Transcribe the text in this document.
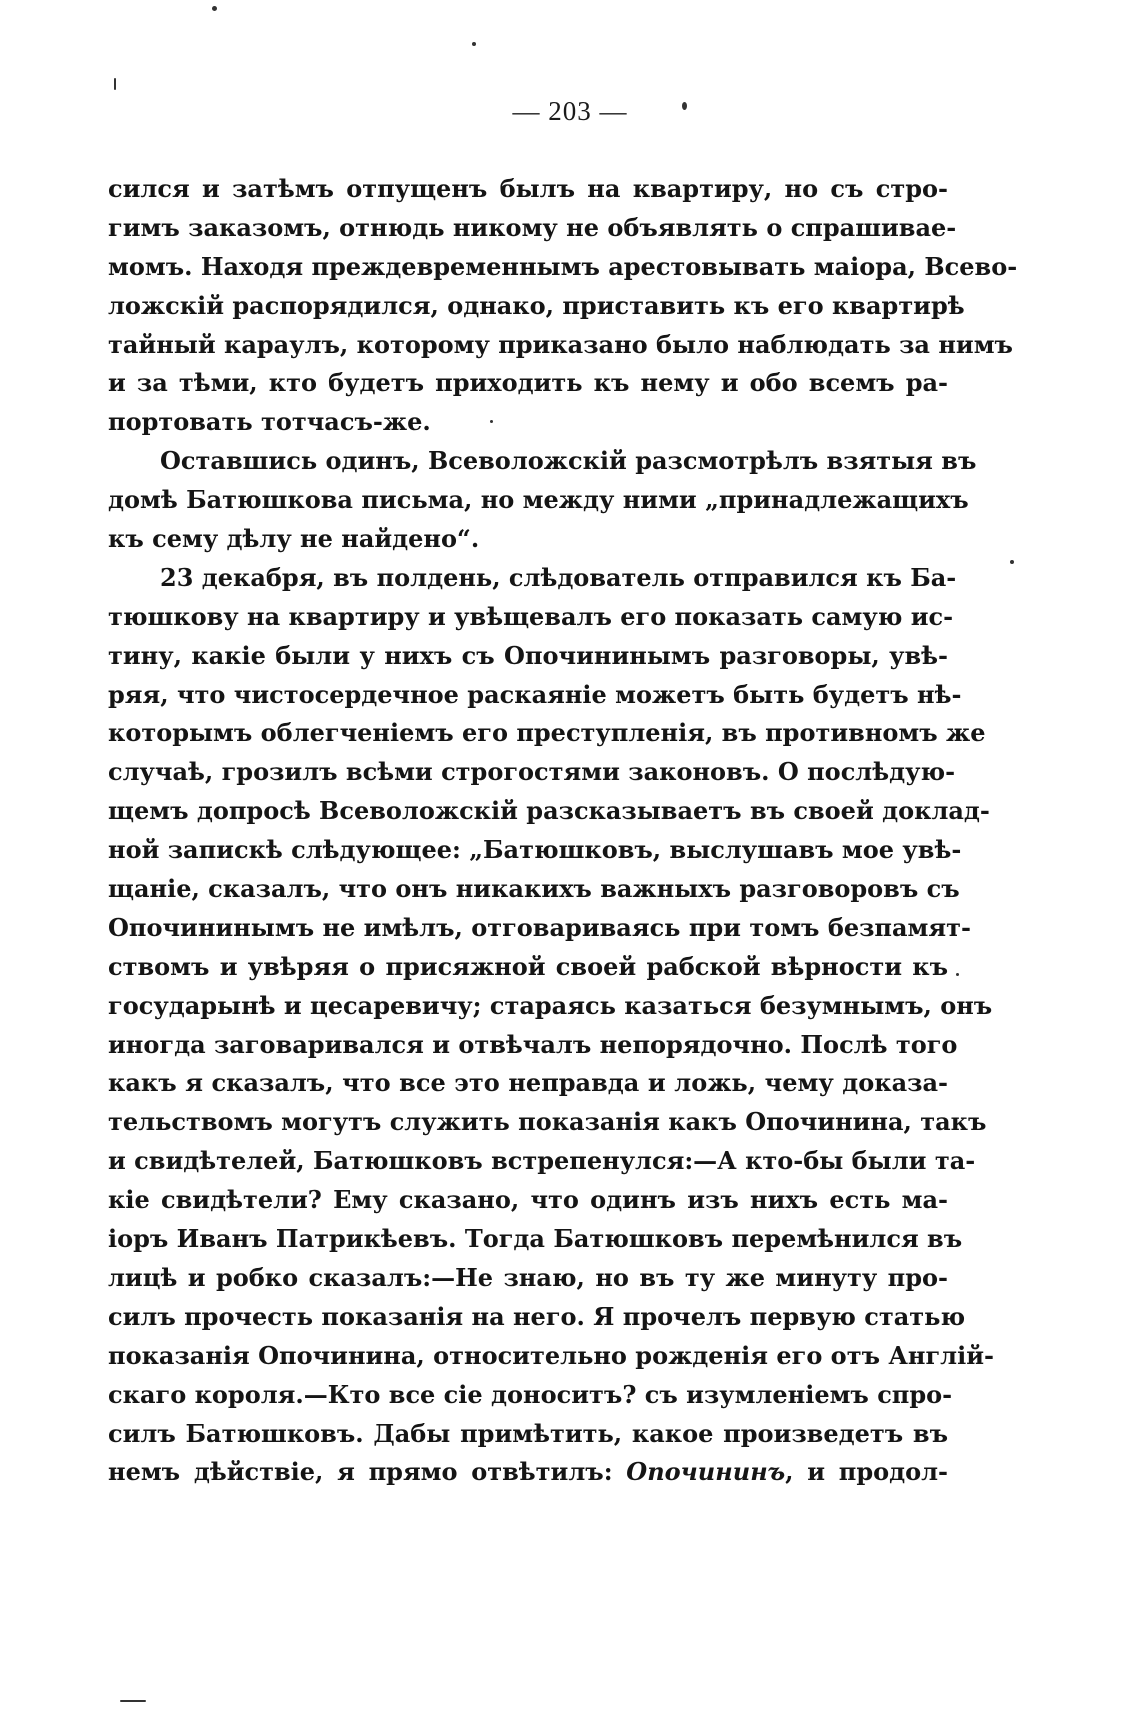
— 203 —
сился и затѣмъ отпущенъ былъ на квартиру, но съ стро-
гимъ заказомъ, отнюдь никому не объявлять о спрашивае-
момъ. Находя преждевременнымъ арестовывать маіора, Всево-
ложскій распорядился, однако, приставить къ его квартирѣ
тайный караулъ, которому приказано было наблюдать за нимъ
и за тѣми, кто будетъ приходить къ нему и обо всемъ ра-
портовать тотчасъ-же.
Оставшись одинъ, Всеволожскій разсмотрѣлъ взятыя въ
домѣ Батюшкова письма, но между ними „принадлежащихъ
къ сему дѣлу не найдено“.
23 декабря, въ полдень, слѣдователь отправился къ Ба-
тюшкову на квартиру и увѣщевалъ его показать самую ис-
тину, какіе были у нихъ съ Опочининымъ разговоры, увѣ-
ряя, что чистосердечное раскаяніе можетъ быть будетъ нѣ-
которымъ облегченіемъ его преступленія, въ противномъ же
случаѣ, грозилъ всѣми строгостями законовъ. О послѣдую-
щемъ допросѣ Всеволожскій разсказываетъ въ своей доклад-
ной запискѣ слѣдующее: „Батюшковъ, выслушавъ мое увѣ-
щаніе, сказалъ, что онъ никакихъ важныхъ разговоровъ съ
Опочининымъ не имѣлъ, отговариваясь при томъ безпамят-
ствомъ и увѣряя о присяжной своей рабской вѣрности къ
государынѣ и цесаревичу; стараясь казаться безумнымъ, онъ
иногда заговаривался и отвѣчалъ непорядочно. Послѣ того
какъ я сказалъ, что все это неправда и ложь, чему доказа-
тельствомъ могутъ служить показанія какъ Опочинина, такъ
и свидѣтелей, Батюшковъ встрепенулся:—А кто-бы были та-
кіе свидѣтели? Ему сказано, что одинъ изъ нихъ есть ма-
іоръ Иванъ Патрикѣевъ. Тогда Батюшковъ перемѣнился въ
лицѣ и робко сказалъ:—Не знаю, но въ ту же минуту про-
силъ прочесть показанія на него. Я прочелъ первую статью
показанія Опочинина, относительно рожденія его отъ Англій-
скаго короля.—Кто все сіе доноситъ? съ изумленіемъ спро-
силъ Батюшковъ. Дабы примѣтить, какое произведетъ въ
немъ дѣйствіе, я прямо отвѣтилъ: Опочининъ, и продол-
